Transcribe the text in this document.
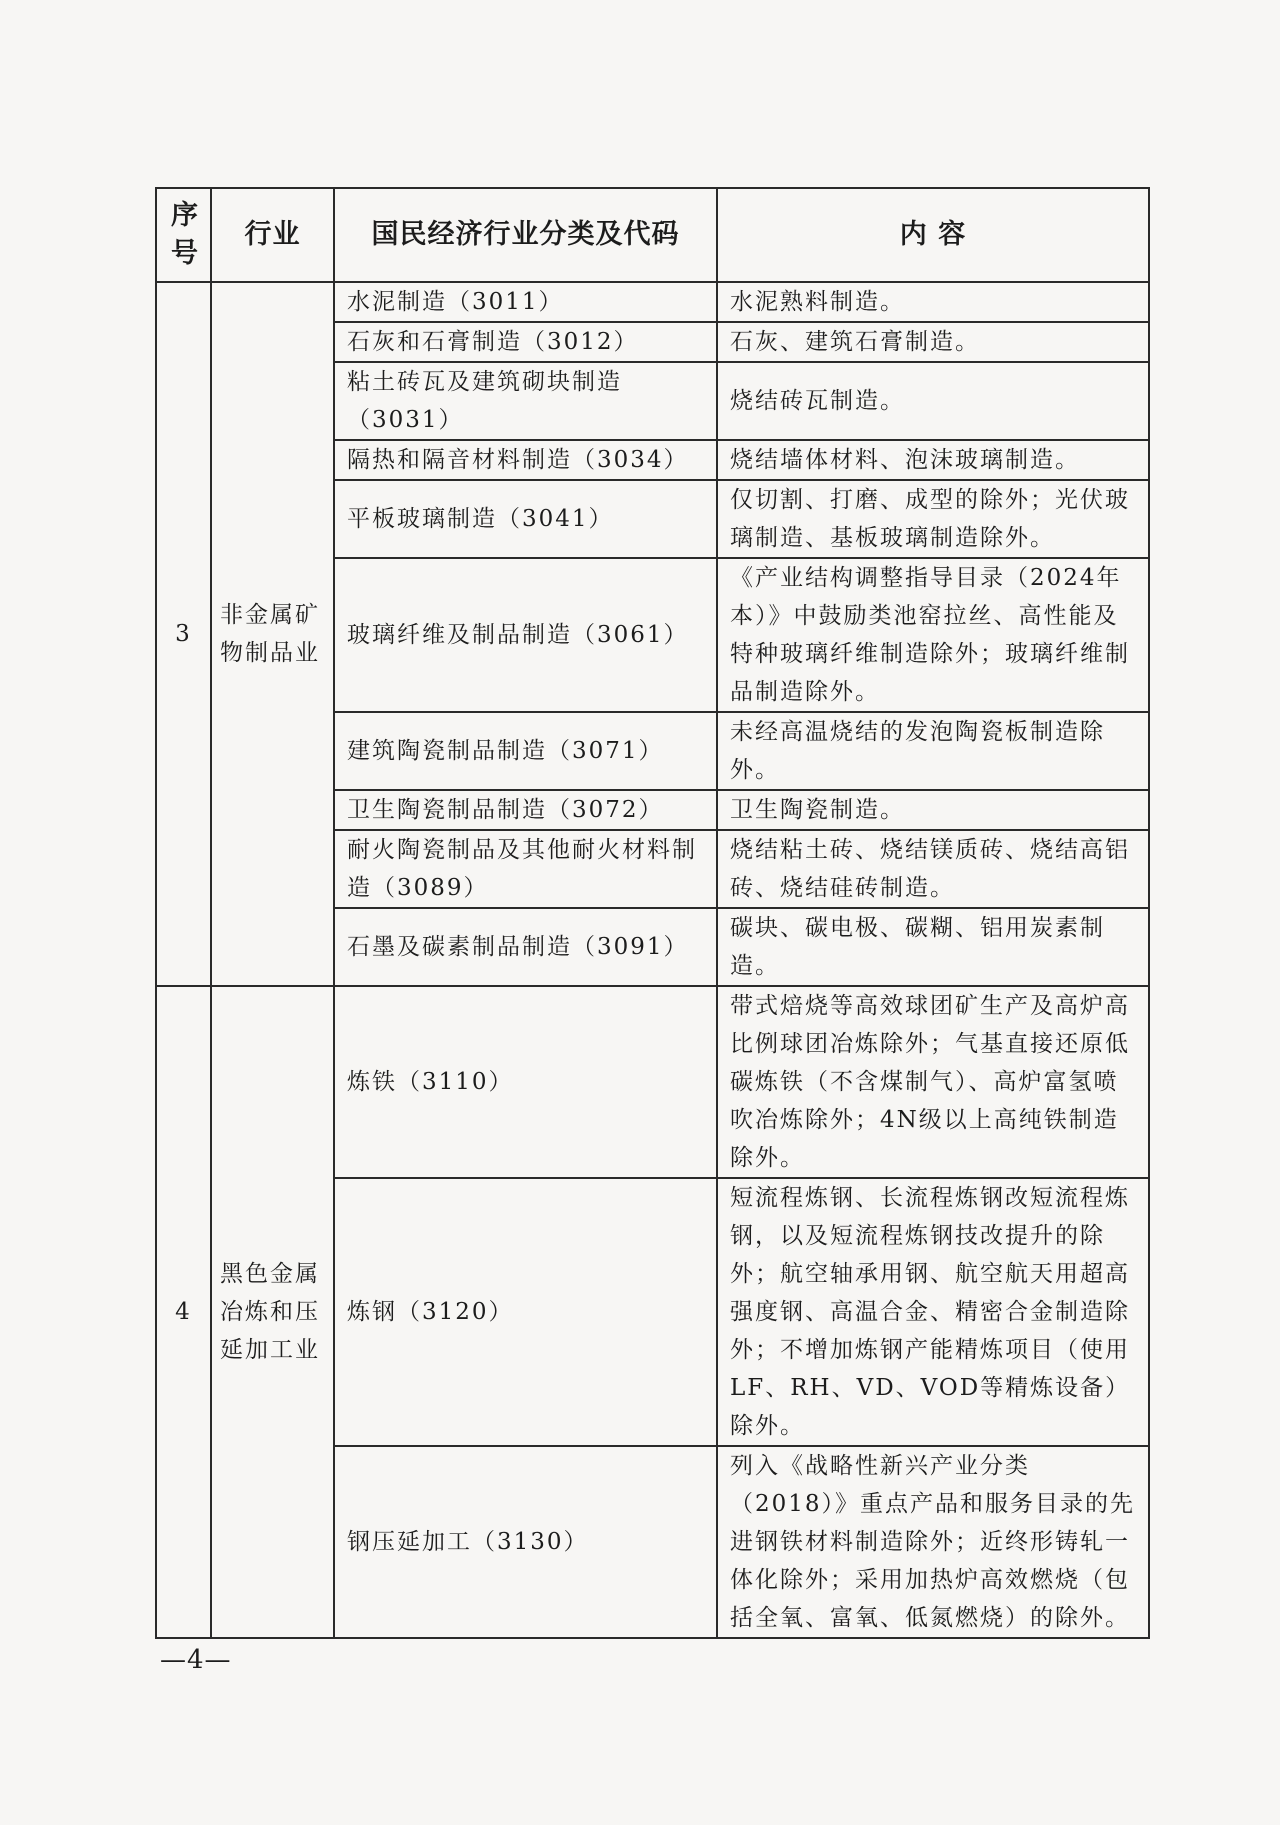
序号	行业	国民经济行业分类及代码	内 容
3	非金属矿物制品业	水泥制造（3011）	水泥熟料制造。
		石灰和石膏制造（3012）	石灰、建筑石膏制造。
		粘土砖瓦及建筑砌块制造（3031）	烧结砖瓦制造。
		隔热和隔音材料制造（3034）	烧结墙体材料、泡沫玻璃制造。
		平板玻璃制造（3041）	仅切割、打磨、成型的除外；光伏玻璃制造、基板玻璃制造除外。
		玻璃纤维及制品制造（3061）	《产业结构调整指导目录（2024年本）》中鼓励类池窑拉丝、高性能及特种玻璃纤维制造除外；玻璃纤维制品制造除外。
		建筑陶瓷制品制造（3071）	未经高温烧结的发泡陶瓷板制造除外。
		卫生陶瓷制品制造（3072）	卫生陶瓷制造。
		耐火陶瓷制品及其他耐火材料制造（3089）	烧结粘土砖、烧结镁质砖、烧结高铝砖、烧结硅砖制造。
		石墨及碳素制品制造（3091）	碳块、碳电极、碳糊、铝用炭素制造。
4	黑色金属冶炼和压延加工业	炼铁（3110）	带式焙烧等高效球团矿生产及高炉高比例球团冶炼除外；气基直接还原低碳炼铁（不含煤制气）、高炉富氢喷吹冶炼除外；4N级以上高纯铁制造除外。
		炼钢（3120）	短流程炼钢、长流程炼钢改短流程炼钢，以及短流程炼钢技改提升的除外；航空轴承用钢、航空航天用超高强度钢、高温合金、精密合金制造除外；不增加炼钢产能精炼项目（使用LF、RH、VD、VOD等精炼设备）除外。
		钢压延加工（3130）	列入《战略性新兴产业分类（2018）》重点产品和服务目录的先进钢铁材料制造除外；近终形铸轧一体化除外；采用加热炉高效燃烧（包括全氧、富氧、低氮燃烧）的除外。
—4—
